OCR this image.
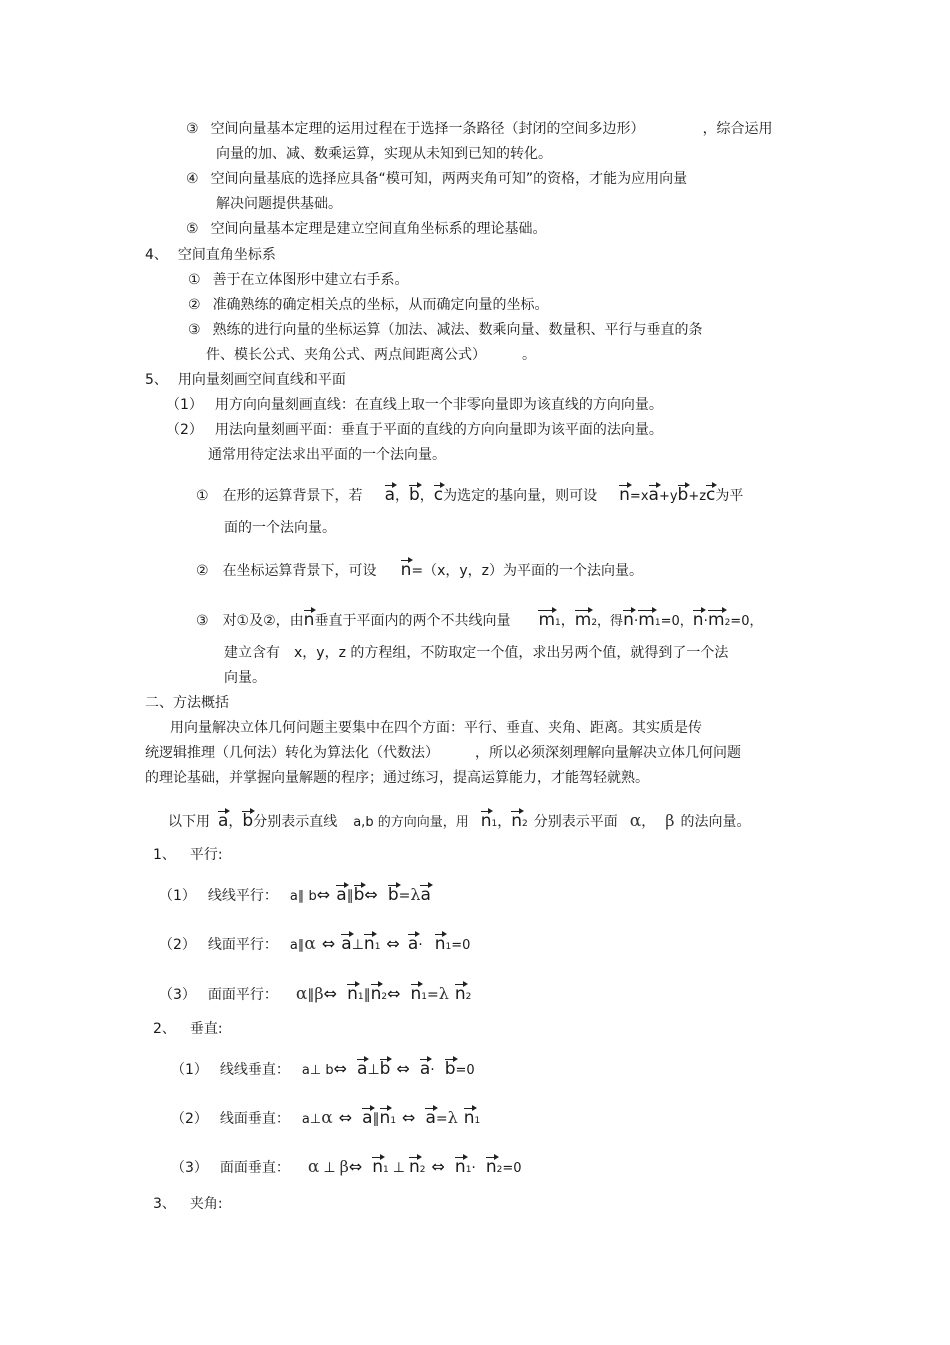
③ 空间向量基本定理的运用过程在于选择一条路径（封闭的空间多边形）	，综合运用
向量的加、减、数乘运算，实现从未知到已知的转化。
④ 空间向量基底的选择应具备“模可知，两两夹角可知”的资格，才能为应用向量
解决问题提供基础。
⑤ 空间向量基本定理是建立空间直角坐标系的理论基础。
4、 空间直角坐标系
① 善于在立体图形中建立右手系。
② 准确熟练的确定相关点的坐标，从而确定向量的坐标。
③ 熟练的进行向量的坐标运算（加法、减法、数乘向量、数量积、平行与垂直的条
件、模长公式、夹角公式、两点间距离公式）	。
5、 用向量刻画空间直线和平面
（1） 用方向向量刻画直线：在直线上取一个非零向量即为该直线的方向向量。
（2） 用法向量刻画平面：垂直于平面的直线的方向向量即为该平面的法向量。
通常用待定法求出平面的一个法向量。
① 在形的运算背景下，若 a，b，c为选定的基向量，则可设 n=xa+yb+zc为平
面的一个法向量。
② 在坐标运算背景下，可设 n=（x，y，z）为平面的一个法向量。
③ 对①及②，由n垂直于平面内的两个不共线向量 m1，m2，得n·m1=0，n·m2=0，
建立含有　x，y，z 的方程组，不防取定一个值，求出另两个值，就得到了一个法
向量。
二、方法概括
用向量解决立体几何问题主要集中在四个方面：平行、垂直、夹角、距离。其实质是传
统逻辑推理（几何法）转化为算法化（代数法）	，所以必须深刻理解向量解决立体几何问题
的理论基础，并掌握向量解题的程序；通过练习，提高运算能力，才能驾轻就熟。
以下用 a，b分别表示直线 a,b 的方向向量，用 n1，n2 分别表示平面 α， β 的法向量。
1、 平行:
（1） 线线平行： a∥ b⇔ a∥b⇔ b=λa
（2） 线面平行： a∥α ⇔ a⊥n1 ⇔ a· n1=0
（3） 面面平行： α∥β⇔ n1∥n2⇔ n1=λ n2
2、 垂直:
（1） 线线垂直： a⊥ b⇔ a⊥b ⇔ a· b=0
（2） 线面垂直： a⊥α ⇔ a∥n1 ⇔ a=λ n1
（3） 面面垂直： α ⊥ β⇔ n1 ⊥ n2 ⇔ n1· n2=0
3、 夹角:
